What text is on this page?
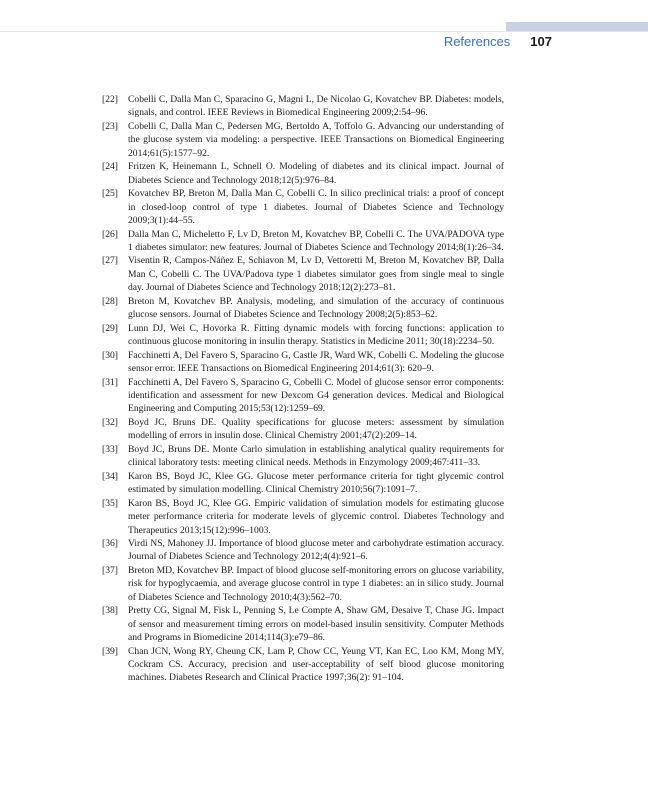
References 107
[22] Cobelli C, Dalla Man C, Sparacino G, Magni L, De Nicolao G, Kovatchev BP. Diabetes: models, signals, and control. IEEE Reviews in Biomedical Engineering 2009;2:54–96.
[23] Cobelli C, Dalla Man C, Pedersen MG, Bertoldo A, Toffolo G. Advancing our understanding of the glucose system via modeling: a perspective. IEEE Transactions on Biomedical Engineering 2014;61(5):1577–92.
[24] Fritzen K, Heinemann L, Schnell O. Modeling of diabetes and its clinical impact. Journal of Diabetes Science and Technology 2018;12(5):976–84.
[25] Kovatchev BP, Breton M, Dalla Man C, Cobelli C. In silico preclinical trials: a proof of concept in closed-loop control of type 1 diabetes. Journal of Diabetes Science and Technology 2009;3(1):44–55.
[26] Dalla Man C, Micheletto F, Lv D, Breton M, Kovatchev BP, Cobelli C. The UVA/PADOVA type 1 diabetes simulator: new features. Journal of Diabetes Science and Technology 2014;8(1):26–34.
[27] Visentin R, Campos-Náñez E, Schiavon M, Lv D, Vettoretti M, Breton M, Kovatchev BP, Dalla Man C, Cobelli C. The UVA/Padova type 1 diabetes simulator goes from single meal to single day. Journal of Diabetes Science and Technology 2018;12(2):273–81.
[28] Breton M, Kovatchev BP. Analysis, modeling, and simulation of the accuracy of continuous glucose sensors. Journal of Diabetes Science and Technology 2008;2(5):853–62.
[29] Lunn DJ, Wei C, Hovorka R. Fitting dynamic models with forcing functions: application to continuous glucose monitoring in insulin therapy. Statistics in Medicine 2011; 30(18):2234–50.
[30] Facchinetti A, Del Favero S, Sparacino G, Castle JR, Ward WK, Cobelli C. Modeling the glucose sensor error. IEEE Transactions on Biomedical Engineering 2014;61(3): 620–9.
[31] Facchinetti A, Del Favero S, Sparacino G, Cobelli C. Model of glucose sensor error components: identification and assessment for new Dexcom G4 generation devices. Medical and Biological Engineering and Computing 2015;53(12):1259–69.
[32] Boyd JC, Bruns DE. Quality specifications for glucose meters: assessment by simulation modelling of errors in insulin dose. Clinical Chemistry 2001;47(2):209–14.
[33] Boyd JC, Bruns DE. Monte Carlo simulation in establishing analytical quality requirements for clinical laboratory tests: meeting clinical needs. Methods in Enzymology 2009;467:411–33.
[34] Karon BS, Boyd JC, Klee GG. Glucose meter performance criteria for tight glycemic control estimated by simulation modelling. Clinical Chemistry 2010;56(7):1091–7.
[35] Karon BS, Boyd JC, Klee GG. Empiric validation of simulation models for estimating glucose meter performance criteria for moderate levels of glycemic control. Diabetes Technology and Therapeutics 2013;15(12):996–1003.
[36] Virdi NS, Mahoney JJ. Importance of blood glucose meter and carbohydrate estimation accuracy. Journal of Diabetes Science and Technology 2012;4(4):921–6.
[37] Breton MD, Kovatchev BP. Impact of blood glucose self-monitoring errors on glucose variability, risk for hypoglycaemia, and average glucose control in type 1 diabetes: an in silico study. Journal of Diabetes Science and Technology 2010;4(3):562–70.
[38] Pretty CG, Signal M, Fisk L, Penning S, Le Compte A, Shaw GM, Desaive T, Chase JG. Impact of sensor and measurement timing errors on model-based insulin sensitivity. Computer Methods and Programs in Biomedicine 2014;114(3):e79–86.
[39] Chan JCN, Wong RY, Cheung CK, Lam P, Chow CC, Yeung VT, Kan EC, Loo KM, Mong MY, Cockram CS. Accuracy, precision and user-acceptability of self blood glucose monitoring machines. Diabetes Research and Clinical Practice 1997;36(2): 91–104.
